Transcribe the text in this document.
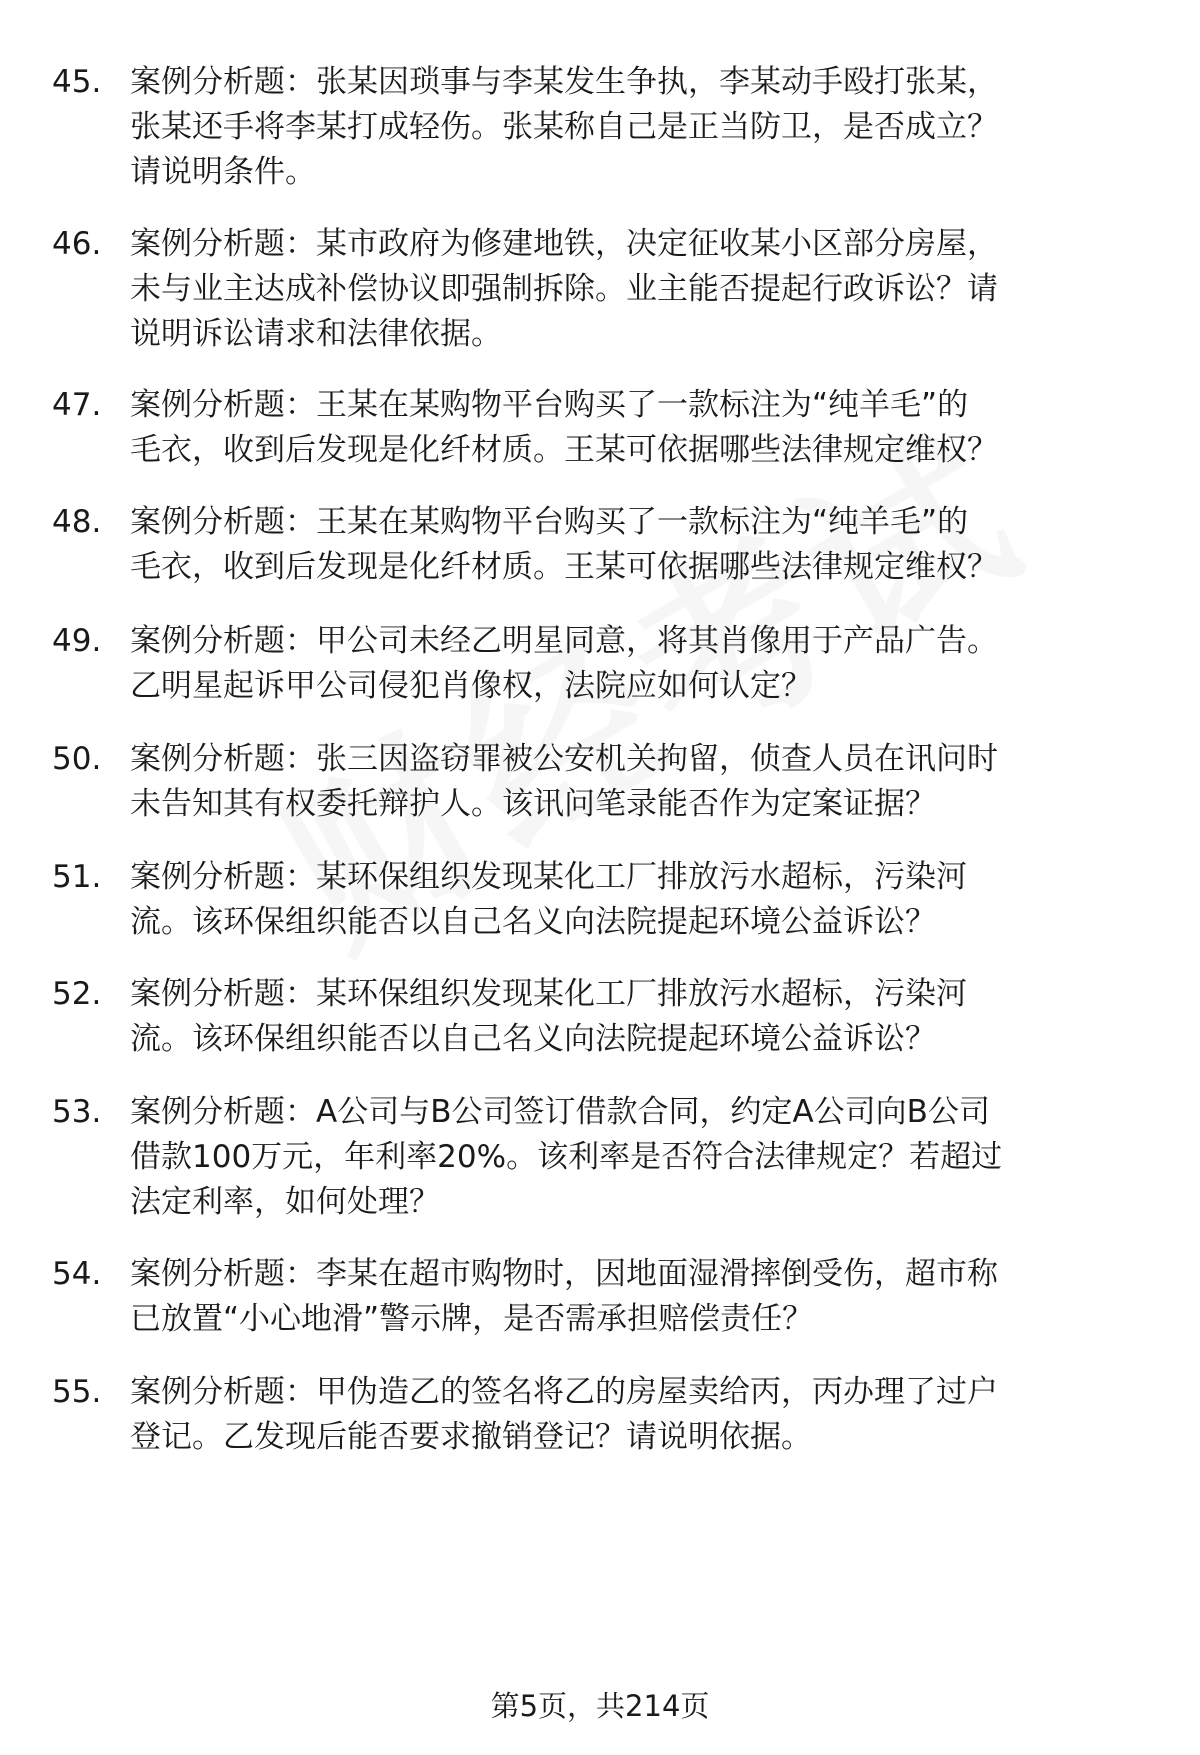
45. 案例分析题：张某因琐事与李某发生争执，李某动手殴打张某，
张某还手将李某打成轻伤。张某称自己是正当防卫，是否成立？
请说明条件。
46. 案例分析题：某市政府为修建地铁，决定征收某小区部分房屋，
未与业主达成补偿协议即强制拆除。业主能否提起行政诉讼？请
说明诉讼请求和法律依据。
47. 案例分析题：王某在某购物平台购买了一款标注为“纯羊毛”的
毛衣，收到后发现是化纤材质。王某可依据哪些法律规定维权？
48. 案例分析题：王某在某购物平台购买了一款标注为“纯羊毛”的
毛衣，收到后发现是化纤材质。王某可依据哪些法律规定维权？
49. 案例分析题：甲公司未经乙明星同意，将其肖像用于产品广告。
乙明星起诉甲公司侵犯肖像权，法院应如何认定？
50. 案例分析题：张三因盗窃罪被公安机关拘留，侦查人员在讯问时
未告知其有权委托辩护人。该讯问笔录能否作为定案证据？
51. 案例分析题：某环保组织发现某化工厂排放污水超标，污染河
流。该环保组织能否以自己名义向法院提起环境公益诉讼？
52. 案例分析题：某环保组织发现某化工厂排放污水超标，污染河
流。该环保组织能否以自己名义向法院提起环境公益诉讼？
53. 案例分析题：A公司与B公司签订借款合同，约定A公司向B公司
借款100万元，年利率20%。该利率是否符合法律规定？若超过
法定利率，如何处理？
54. 案例分析题：李某在超市购物时，因地面湿滑摔倒受伤，超市称
已放置“小心地滑”警示牌，是否需承担赔偿责任？
55. 案例分析题：甲伪造乙的签名将乙的房屋卖给丙，丙办理了过户
登记。乙发现后能否要求撤销登记？请说明依据。
第5页，共214页
